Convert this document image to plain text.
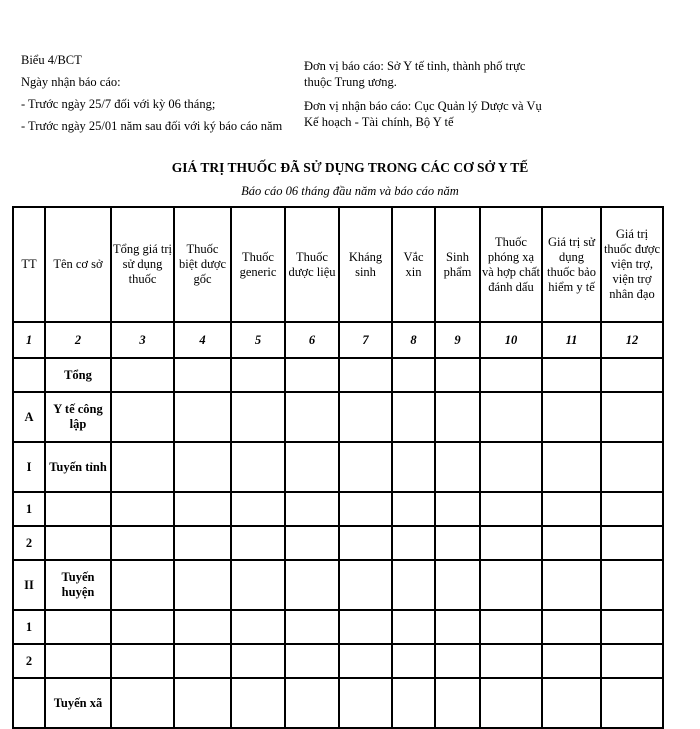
Biểu 4/BCT

Ngày nhận báo cáo:

- Trước ngày 25/7 đối với kỳ 06 tháng;

- Trước ngày 25/01 năm sau đối với ký báo cáo năm

Đơn vị báo cáo: Sở Y tế tỉnh, thành phố trực thuộc Trung ương.

Đơn vị nhận báo cáo: Cục Quản lý Dược và Vụ Kế hoạch - Tài chính, Bộ Y tế

GIÁ TRỊ THUỐC ĐÃ SỬ DỤNG TRONG CÁC CƠ SỞ Y TẾ
Báo cáo 06 tháng đầu năm và báo cáo năm
TT	Tên cơ sở	Tổng giá trị sử dụng thuốc	Thuốc biệt dược gốc	Thuốc generic	Thuốc dược liệu	Kháng sinh	Vắc xin	Sinh phẩm	Thuốc phóng xạ và hợp chất đánh dấu	Giá trị sử dụng thuốc bảo hiểm y tế	Giá trị thuốc được viện trợ, viện trợ nhân đạo
1	2	3	4	5	6	7	8	9	10	11	12
	Tổng										
A	Y tế công lập										
I	Tuyến tỉnh										
1											
2											
II	Tuyến huyện										
1											
2											
	Tuyến xã										
